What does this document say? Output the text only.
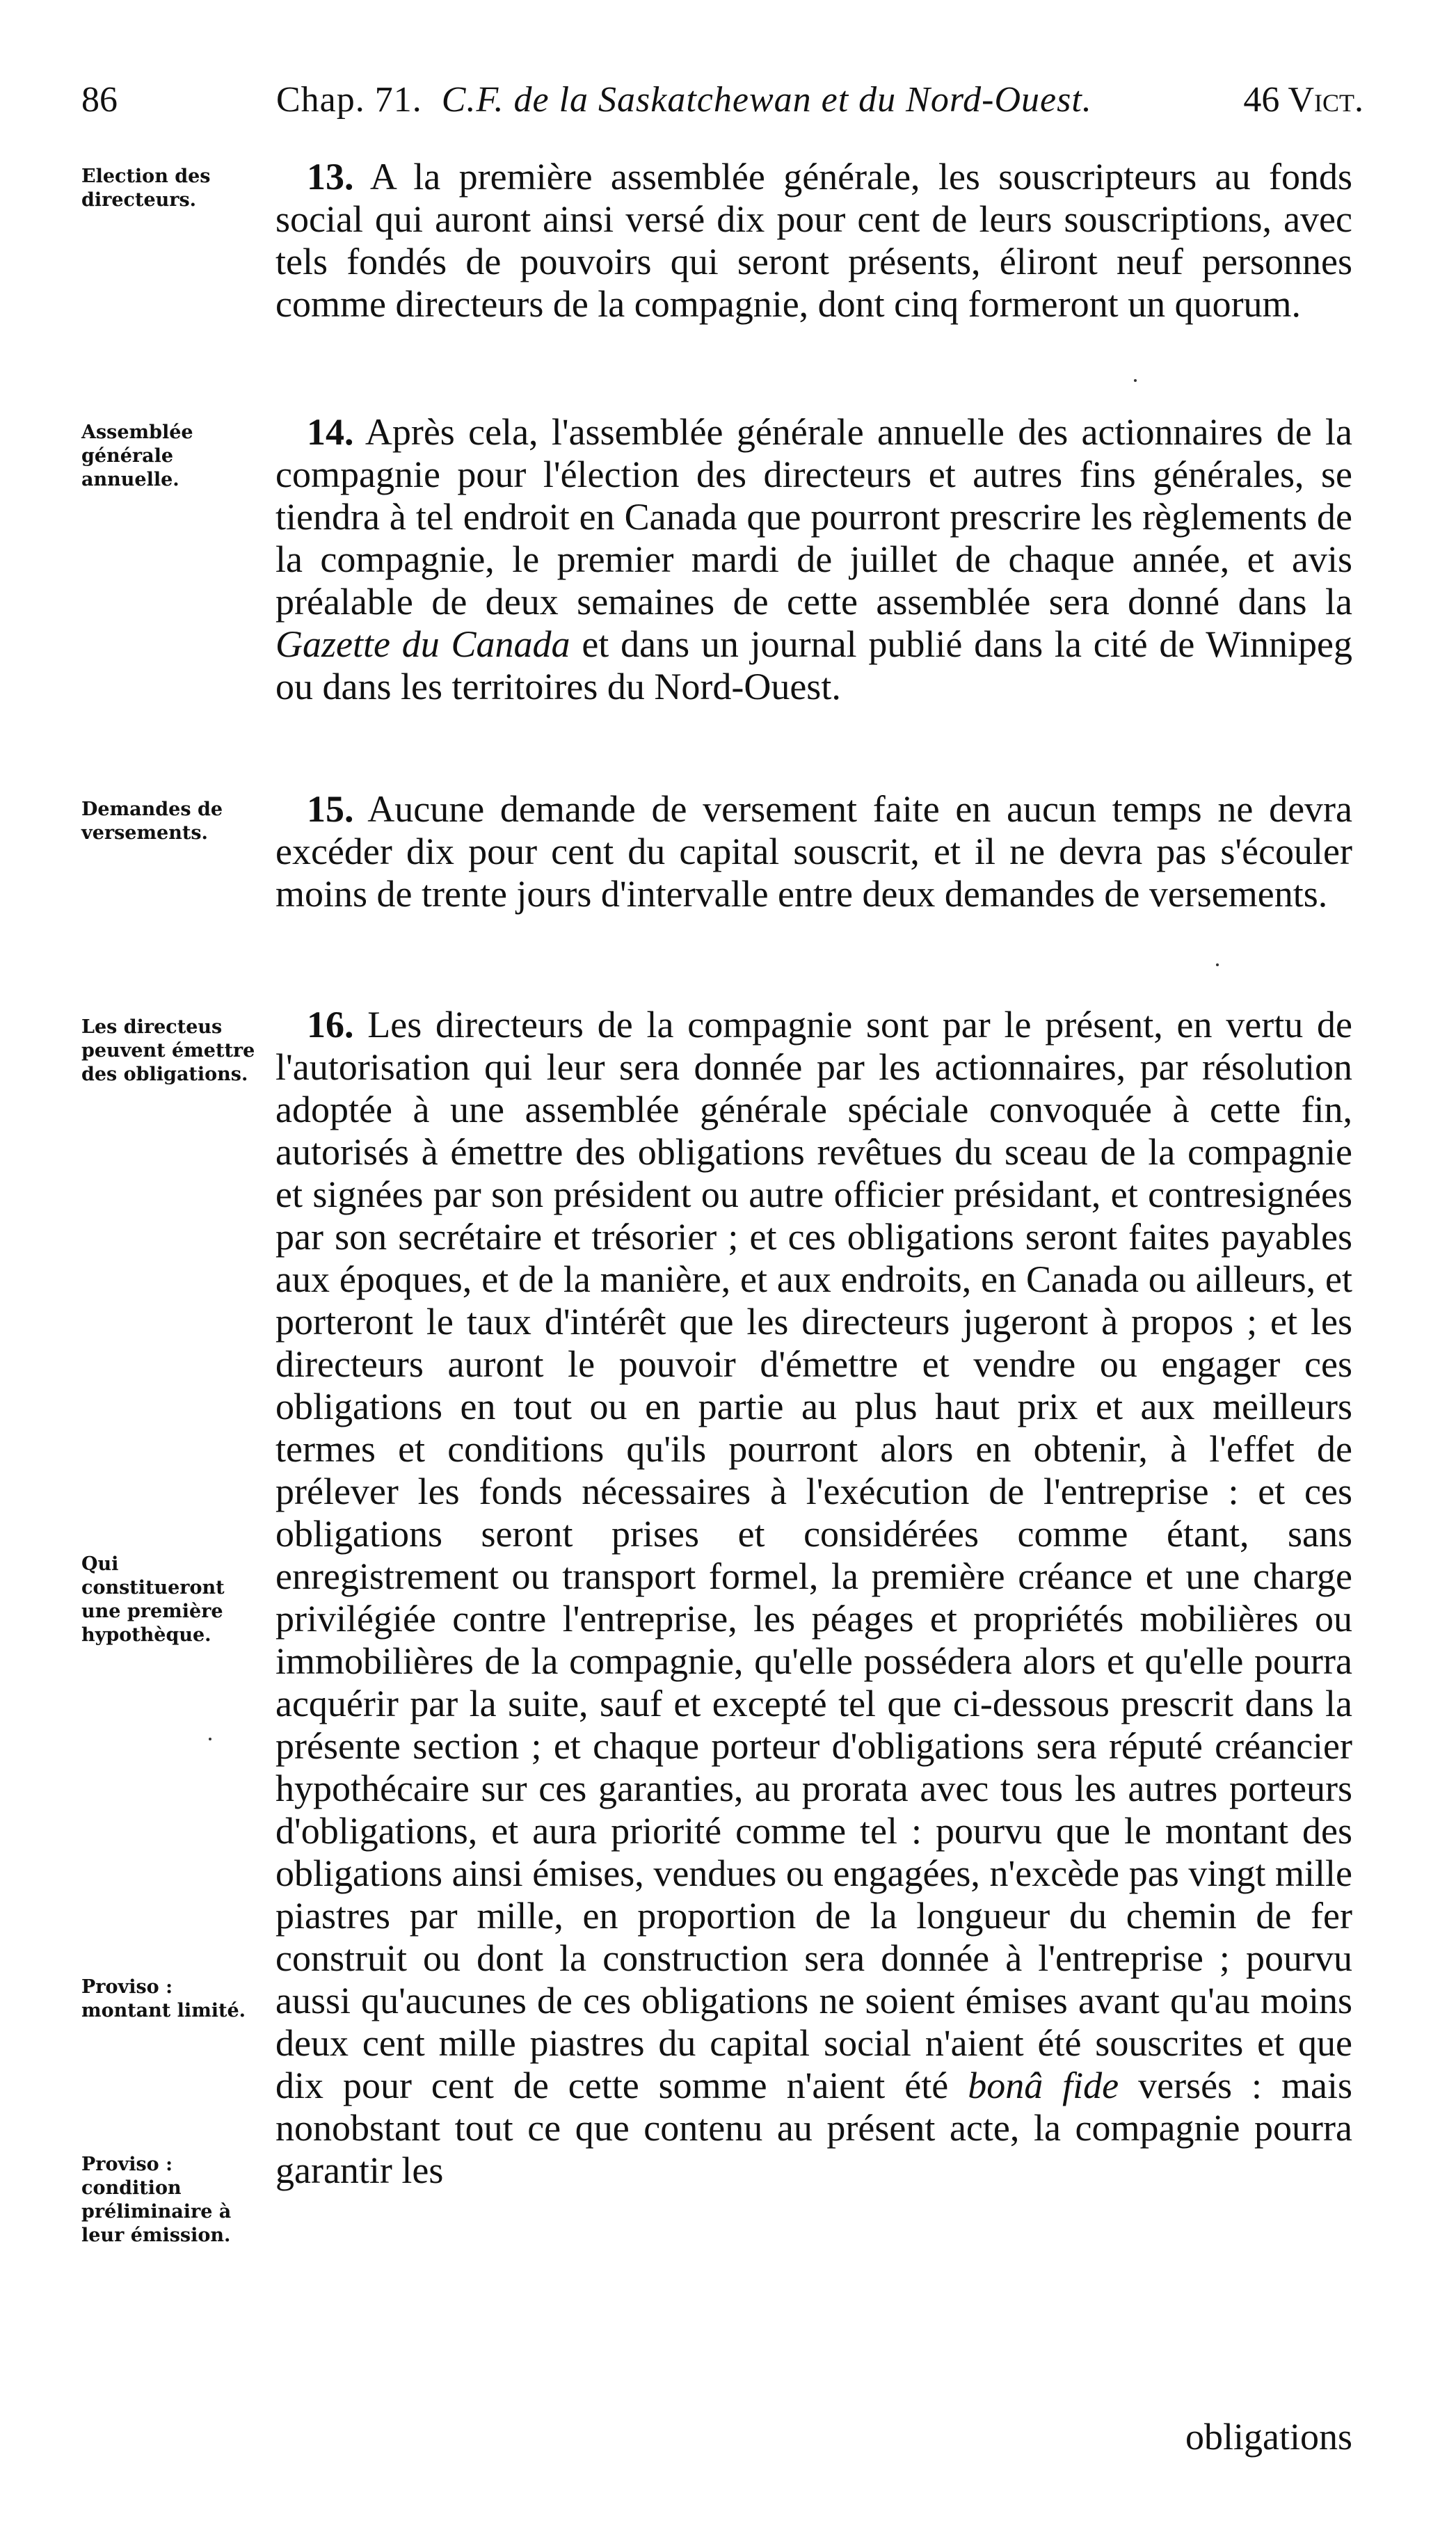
86	Chap. 71. C.F. de la Saskatchewan et du Nord-Ouest.	46 Vict.
Election des directeurs.
13. A la première assemblée générale, les souscripteurs au fonds social qui auront ainsi versé dix pour cent de leurs souscriptions, avec tels fondés de pouvoirs qui seront présents, éliront neuf personnes comme directeurs de la compagnie, dont cinq formeront un quorum.
Assemblée générale annuelle.
14. Après cela, l'assemblée générale annuelle des actionnaires de la compagnie pour l'élection des directeurs et autres fins générales, se tiendra à tel endroit en Canada que pourront prescrire les règlements de la compagnie, le premier mardi de juillet de chaque année, et avis préalable de deux semaines de cette assemblée sera donné dans la Gazette du Canada et dans un journal publié dans la cité de Winnipeg ou dans les territoires du Nord-Ouest.
Demandes de versements.
15. Aucune demande de versement faite en aucun temps ne devra excéder dix pour cent du capital souscrit, et il ne devra pas s'écouler moins de trente jours d'intervalle entre deux demandes de versements.
Les directeus peuvent émettre des obligations.
Qui constitueront une première hypothèque.
Proviso : montant limité.
Proviso : condition préliminaire à leur émission.
16. Les directeurs de la compagnie sont par le présent, en vertu de l'autorisation qui leur sera donnée par les actionnaires, par résolution adoptée à une assemblée générale spéciale convoquée à cette fin, autorisés à émettre des obligations revêtues du sceau de la compagnie et signées par son président ou autre officier présidant, et contresignées par son secrétaire et trésorier ; et ces obligations seront faites payables aux époques, et de la manière, et aux endroits, en Canada ou ailleurs, et porteront le taux d'intérêt que les directeurs jugeront à propos ; et les directeurs auront le pouvoir d'émettre et vendre ou engager ces obligations en tout ou en partie au plus haut prix et aux meilleurs termes et conditions qu'ils pourront alors en obtenir, à l'effet de prélever les fonds nécessaires à l'exécution de l'entreprise : et ces obligations seront prises et considérées comme étant, sans enregistrement ou transport formel, la première créance et une charge privilégiée contre l'entreprise, les péages et propriétés mobilières ou immobilières de la compagnie, qu'elle possédera alors et qu'elle pourra acquérir par la suite, sauf et excepté tel que ci-dessous prescrit dans la présente section ; et chaque porteur d'obligations sera réputé créancier hypothécaire sur ces garanties, au prorata avec tous les autres porteurs d'obligations, et aura priorité comme tel : pourvu que le montant des obligations ainsi émises, vendues ou engagées, n'excède pas vingt mille piastres par mille, en proportion de la longueur du chemin de fer construit ou dont la construction sera donnée à l'entreprise ; pourvu aussi qu'aucunes de ces obligations ne soient émises avant qu'au moins deux cent mille piastres du capital social n'aient été souscrites et que dix pour cent de cette somme n'aient été bonâ fide versés : mais nonobstant tout ce que contenu au présent acte, la compagnie pourra garantir les
obligations
